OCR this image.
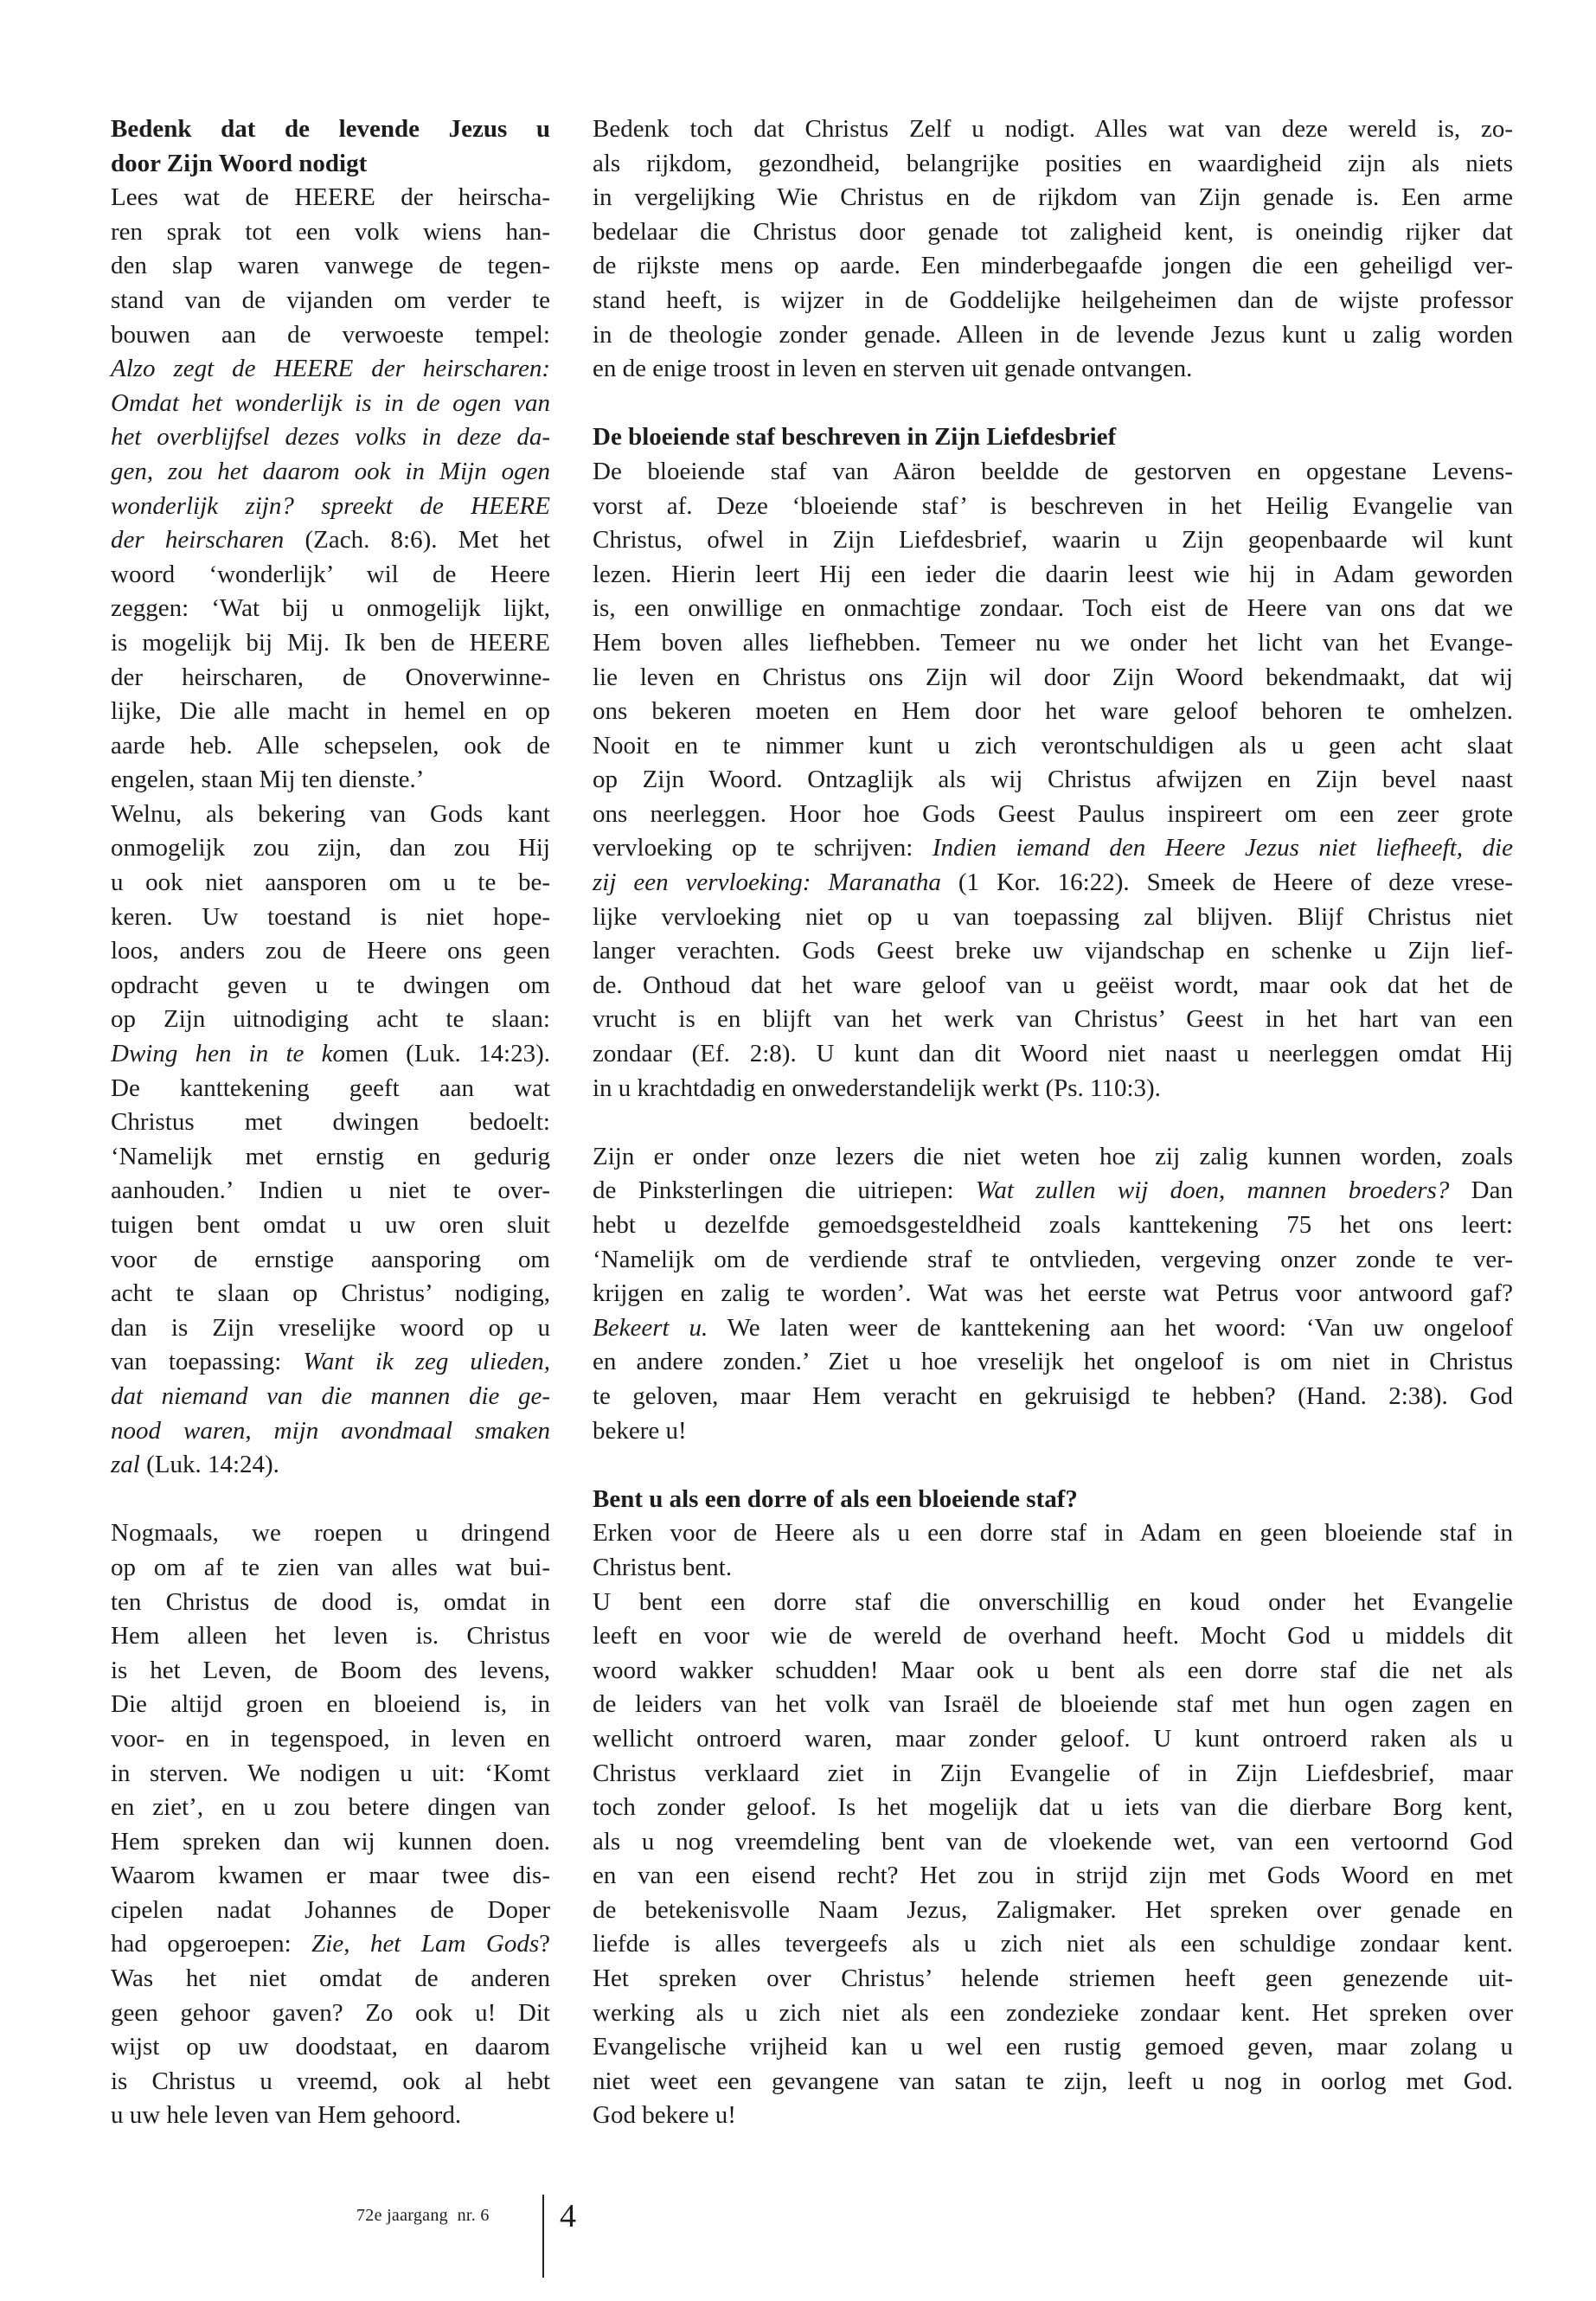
Bedenk dat de levende Jezus u
door Zijn Woord nodigt
Lees wat de HEERE der heirscha-
ren sprak tot een volk wiens han-
den slap waren vanwege de tegen-
stand van de vijanden om verder te
bouwen aan de verwoeste tempel:
Alzo zegt de HEERE der heirscharen:
Omdat het wonderlijk is in de ogen van
het overblijfsel dezes volks in deze da-
gen, zou het daarom ook in Mijn ogen
wonderlijk zijn? spreekt de HEERE
der heirscharen (Zach. 8:6). Met het
woord ‘wonderlijk’ wil de Heere
zeggen: ‘Wat bij u onmogelijk lijkt,
is mogelijk bij Mij. Ik ben de HEERE
der heirscharen, de Onoverwinne-
lijke, Die alle macht in hemel en op
aarde heb. Alle schepselen, ook de
engelen, staan Mij ten dienste.’
Welnu, als bekering van Gods kant
onmogelijk zou zijn, dan zou Hij
u ook niet aansporen om u te be-
keren. Uw toestand is niet hope-
loos, anders zou de Heere ons geen
opdracht geven u te dwingen om
op Zijn uitnodiging acht te slaan:
Dwing hen in te komen (Luk. 14:23).
De kanttekening geeft aan wat
Christus met dwingen bedoelt:
‘Namelijk met ernstig en gedurig
aanhouden.’ Indien u niet te over-
tuigen bent omdat u uw oren sluit
voor de ernstige aansporing om
acht te slaan op Christus’ nodiging,
dan is Zijn vreselijke woord op u
van toepassing: Want ik zeg ulieden,
dat niemand van die mannen die ge-
nood waren, mijn avondmaal smaken
zal (Luk. 14:24).
Nogmaals, we roepen u dringend
op om af te zien van alles wat bui-
ten Christus de dood is, omdat in
Hem alleen het leven is. Christus
is het Leven, de Boom des levens,
Die altijd groen en bloeiend is, in
voor- en in tegenspoed, in leven en
in sterven. We nodigen u uit: ‘Komt
en ziet’, en u zou betere dingen van
Hem spreken dan wij kunnen doen.
Waarom kwamen er maar twee dis-
cipelen nadat Johannes de Doper
had opgeroepen: Zie, het Lam Gods?
Was het niet omdat de anderen
geen gehoor gaven? Zo ook u! Dit
wijst op uw doodstaat, en daarom
is Christus u vreemd, ook al hebt
u uw hele leven van Hem gehoord.
Bedenk toch dat Christus Zelf u nodigt. Alles wat van deze wereld is, zo-
als rijkdom, gezondheid, belangrijke posities en waardigheid zijn als niets
in vergelijking Wie Christus en de rijkdom van Zijn genade is. Een arme
bedelaar die Christus door genade tot zaligheid kent, is oneindig rijker dat
de rijkste mens op aarde. Een minderbegaafde jongen die een geheiligd ver-
stand heeft, is wijzer in de Goddelijke heilgeheimen dan de wijste professor
in de theologie zonder genade. Alleen in de levende Jezus kunt u zalig worden
en de enige troost in leven en sterven uit genade ontvangen.
De bloeiende staf beschreven in Zijn Liefdesbrief
De bloeiende staf van Aäron beeldde de gestorven en opgestane Levens-
vorst af. Deze ‘bloeiende staf’ is beschreven in het Heilig Evangelie van
Christus, ofwel in Zijn Liefdesbrief, waarin u Zijn geopenbaarde wil kunt
lezen. Hierin leert Hij een ieder die daarin leest wie hij in Adam geworden
is, een onwillige en onmachtige zondaar. Toch eist de Heere van ons dat we
Hem boven alles liefhebben. Temeer nu we onder het licht van het Evange-
lie leven en Christus ons Zijn wil door Zijn Woord bekendmaakt, dat wij
ons bekeren moeten en Hem door het ware geloof behoren te omhelzen.
Nooit en te nimmer kunt u zich verontschuldigen als u geen acht slaat
op Zijn Woord. Ontzaglijk als wij Christus afwijzen en Zijn bevel naast
ons neerleggen. Hoor hoe Gods Geest Paulus inspireert om een zeer grote
vervloeking op te schrijven: Indien iemand den Heere Jezus niet liefheeft, die
zij een vervloeking: Maranatha (1 Kor. 16:22). Smeek de Heere of deze vrese-
lijke vervloeking niet op u van toepassing zal blijven. Blijf Christus niet
langer verachten. Gods Geest breke uw vijandschap en schenke u Zijn lief-
de. Onthoud dat het ware geloof van u geëist wordt, maar ook dat het de
vrucht is en blijft van het werk van Christus’ Geest in het hart van een
zondaar (Ef. 2:8). U kunt dan dit Woord niet naast u neerleggen omdat Hij
in u krachtdadig en onwederstandelijk werkt (Ps. 110:3).
Zijn er onder onze lezers die niet weten hoe zij zalig kunnen worden, zoals
de Pinksterlingen die uitriepen: Wat zullen wij doen, mannen broeders? Dan
hebt u dezelfde gemoedsgesteldheid zoals kanttekening 75 het ons leert:
‘Namelijk om de verdiende straf te ontvlieden, vergeving onzer zonde te ver-
krijgen en zalig te worden’. Wat was het eerste wat Petrus voor antwoord gaf?
Bekeert u. We laten weer de kanttekening aan het woord: ‘Van uw ongeloof
en andere zonden.’ Ziet u hoe vreselijk het ongeloof is om niet in Christus
te geloven, maar Hem veracht en gekruisigd te hebben? (Hand. 2:38). God
bekere u!
Bent u als een dorre of als een bloeiende staf?
Erken voor de Heere als u een dorre staf in Adam en geen bloeiende staf in
Christus bent.
U bent een dorre staf die onverschillig en koud onder het Evangelie
leeft en voor wie de wereld de overhand heeft. Mocht God u middels dit
woord wakker schudden! Maar ook u bent als een dorre staf die net als
de leiders van het volk van Israël de bloeiende staf met hun ogen zagen en
wellicht ontroerd waren, maar zonder geloof. U kunt ontroerd raken als u
Christus verklaard ziet in Zijn Evangelie of in Zijn Liefdesbrief, maar
toch zonder geloof. Is het mogelijk dat u iets van die dierbare Borg kent,
als u nog vreemdeling bent van de vloekende wet, van een vertoornd God
en van een eisend recht? Het zou in strijd zijn met Gods Woord en met
de betekenisvolle Naam Jezus, Zaligmaker. Het spreken over genade en
liefde is alles tevergeefs als u zich niet als een schuldige zondaar kent.
Het spreken over Christus’ helende striemen heeft geen genezende uit-
werking als u zich niet als een zondezieke zondaar kent. Het spreken over
Evangelische vrijheid kan u wel een rustig gemoed geven, maar zolang u
niet weet een gevangene van satan te zijn, leeft u nog in oorlog met God.
God bekere u!
72e jaargang  nr. 6 4
